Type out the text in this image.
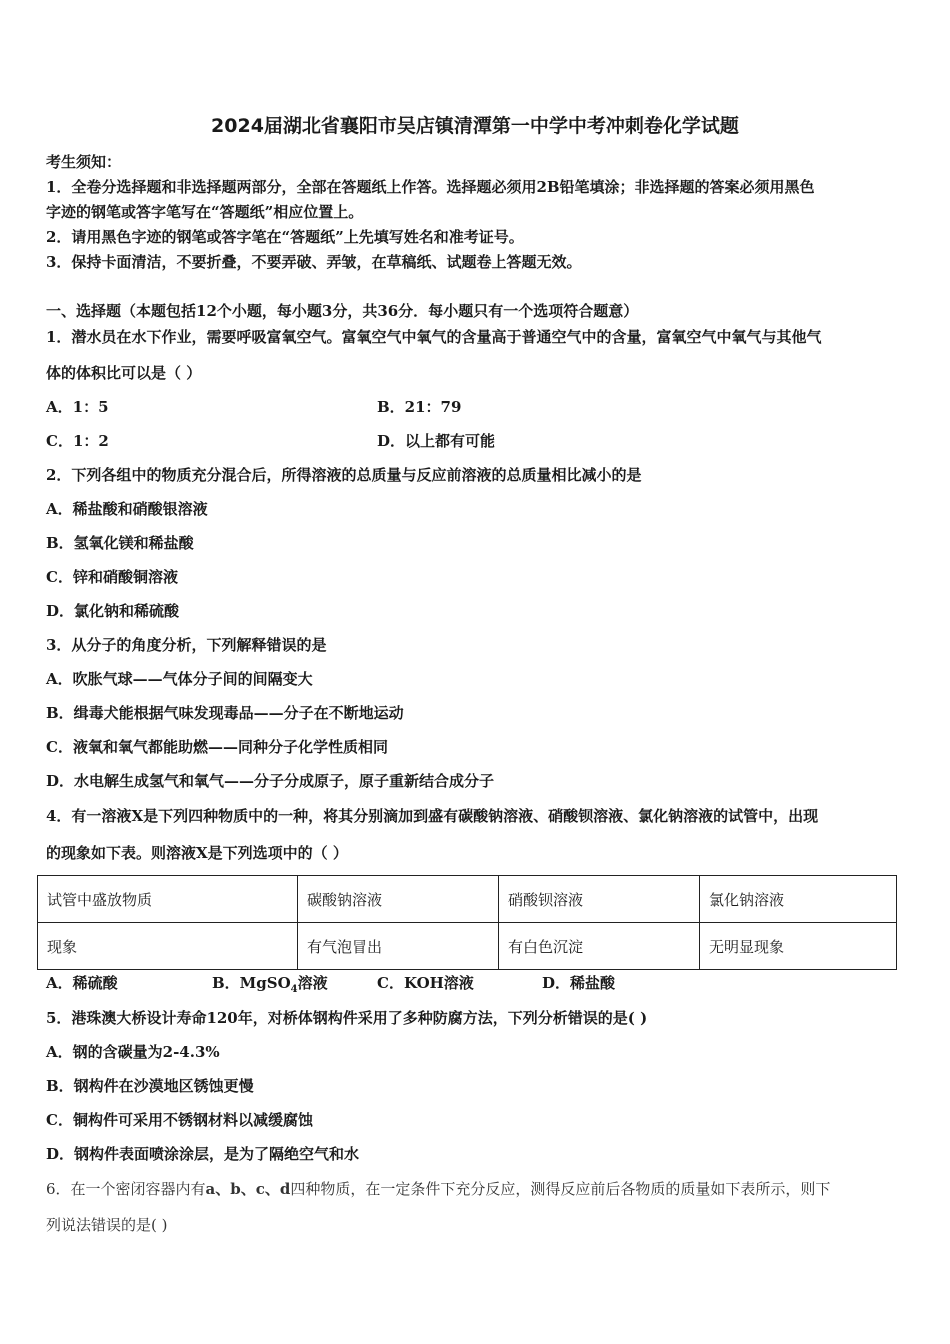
2024届湖北省襄阳市吴店镇清潭第一中学中考冲刺卷化学试题
考生须知：
1．全卷分选择题和非选择题两部分，全部在答题纸上作答。选择题必须用2B铅笔填涂；非选择题的答案必须用黑色
字迹的钢笔或答字笔写在“答题纸”相应位置上。
2．请用黑色字迹的钢笔或答字笔在“答题纸”上先填写姓名和准考证号。
3．保持卡面清洁，不要折叠，不要弄破、弄皱，在草稿纸、试题卷上答题无效。
一、选择题（本题包括12个小题，每小题3分，共36分．每小题只有一个选项符合题意）
1．潜水员在水下作业，需要呼吸富氧空气。富氧空气中氧气的含量高于普通空气中的含量，富氧空气中氧气与其他气
体的体积比可以是（ ）
A．1：5	B．21：79
C．1：2	D．以上都有可能
2．下列各组中的物质充分混合后，所得溶液的总质量与反应前溶液的总质量相比减小的是
A．稀盐酸和硝酸银溶液
B．氢氧化镁和稀盐酸
C．锌和硝酸铜溶液
D．氯化钠和稀硫酸
3．从分子的角度分析，下列解释错误的是
A．吹胀气球——气体分子间的间隔变大
B．缉毒犬能根据气味发现毒品——分子在不断地运动
C．液氧和氧气都能助燃——同种分子化学性质相同
D．水电解生成氢气和氧气——分子分成原子，原子重新结合成分子
4．有一溶液X是下列四种物质中的一种，将其分别滴加到盛有碳酸钠溶液、硝酸钡溶液、氯化钠溶液的试管中，出现
的现象如下表。则溶液X是下列选项中的（ ）
试管中盛放物质	碳酸钠溶液	硝酸钡溶液	氯化钠溶液
现象	有气泡冒出	有白色沉淀	无明显现象
A．稀硫酸	B．MgSO$_4$溶液	C．KOH溶液	D．稀盐酸
5．港珠澳大桥设计寿命120年，对桥体钢构件采用了多种防腐方法，下列分析错误的是( )
A．钢的含碳量为2-4.3%
B．钢构件在沙漠地区锈蚀更慢
C．铜构件可采用不锈钢材料以减缓腐蚀
D．钢构件表面喷涂涂层，是为了隔绝空气和水
6．在一个密闭容器内有a、b、c、d四种物质，在一定条件下充分反应，测得反应前后各物质的质量如下表所示，则下
列说法错误的是( )
